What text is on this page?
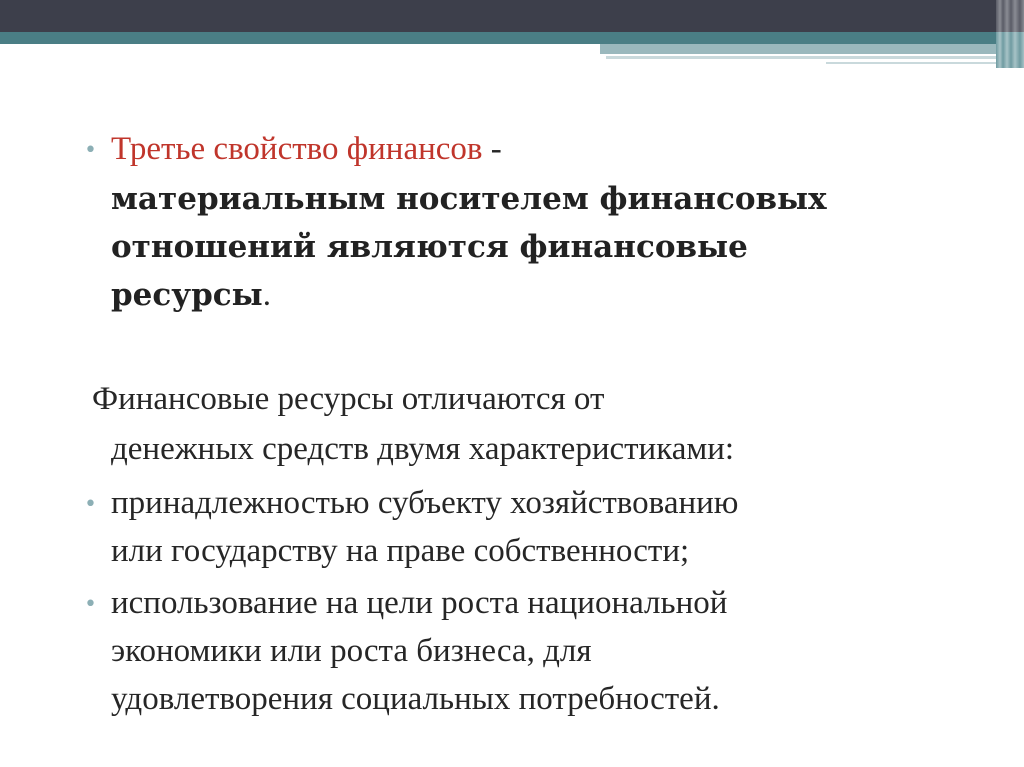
• Третье свойство финансов -
материальным носителем финансовых
отношений являются финансовые
ресурсы.
Финансовые ресурсы отличаются от
денежных средств двумя характеристиками:
• принадлежностью субъекту хозяйствованию
или государству на праве собственности;
• использование на цели роста национальной
экономики или роста бизнеса, для
удовлетворения социальных потребностей.
